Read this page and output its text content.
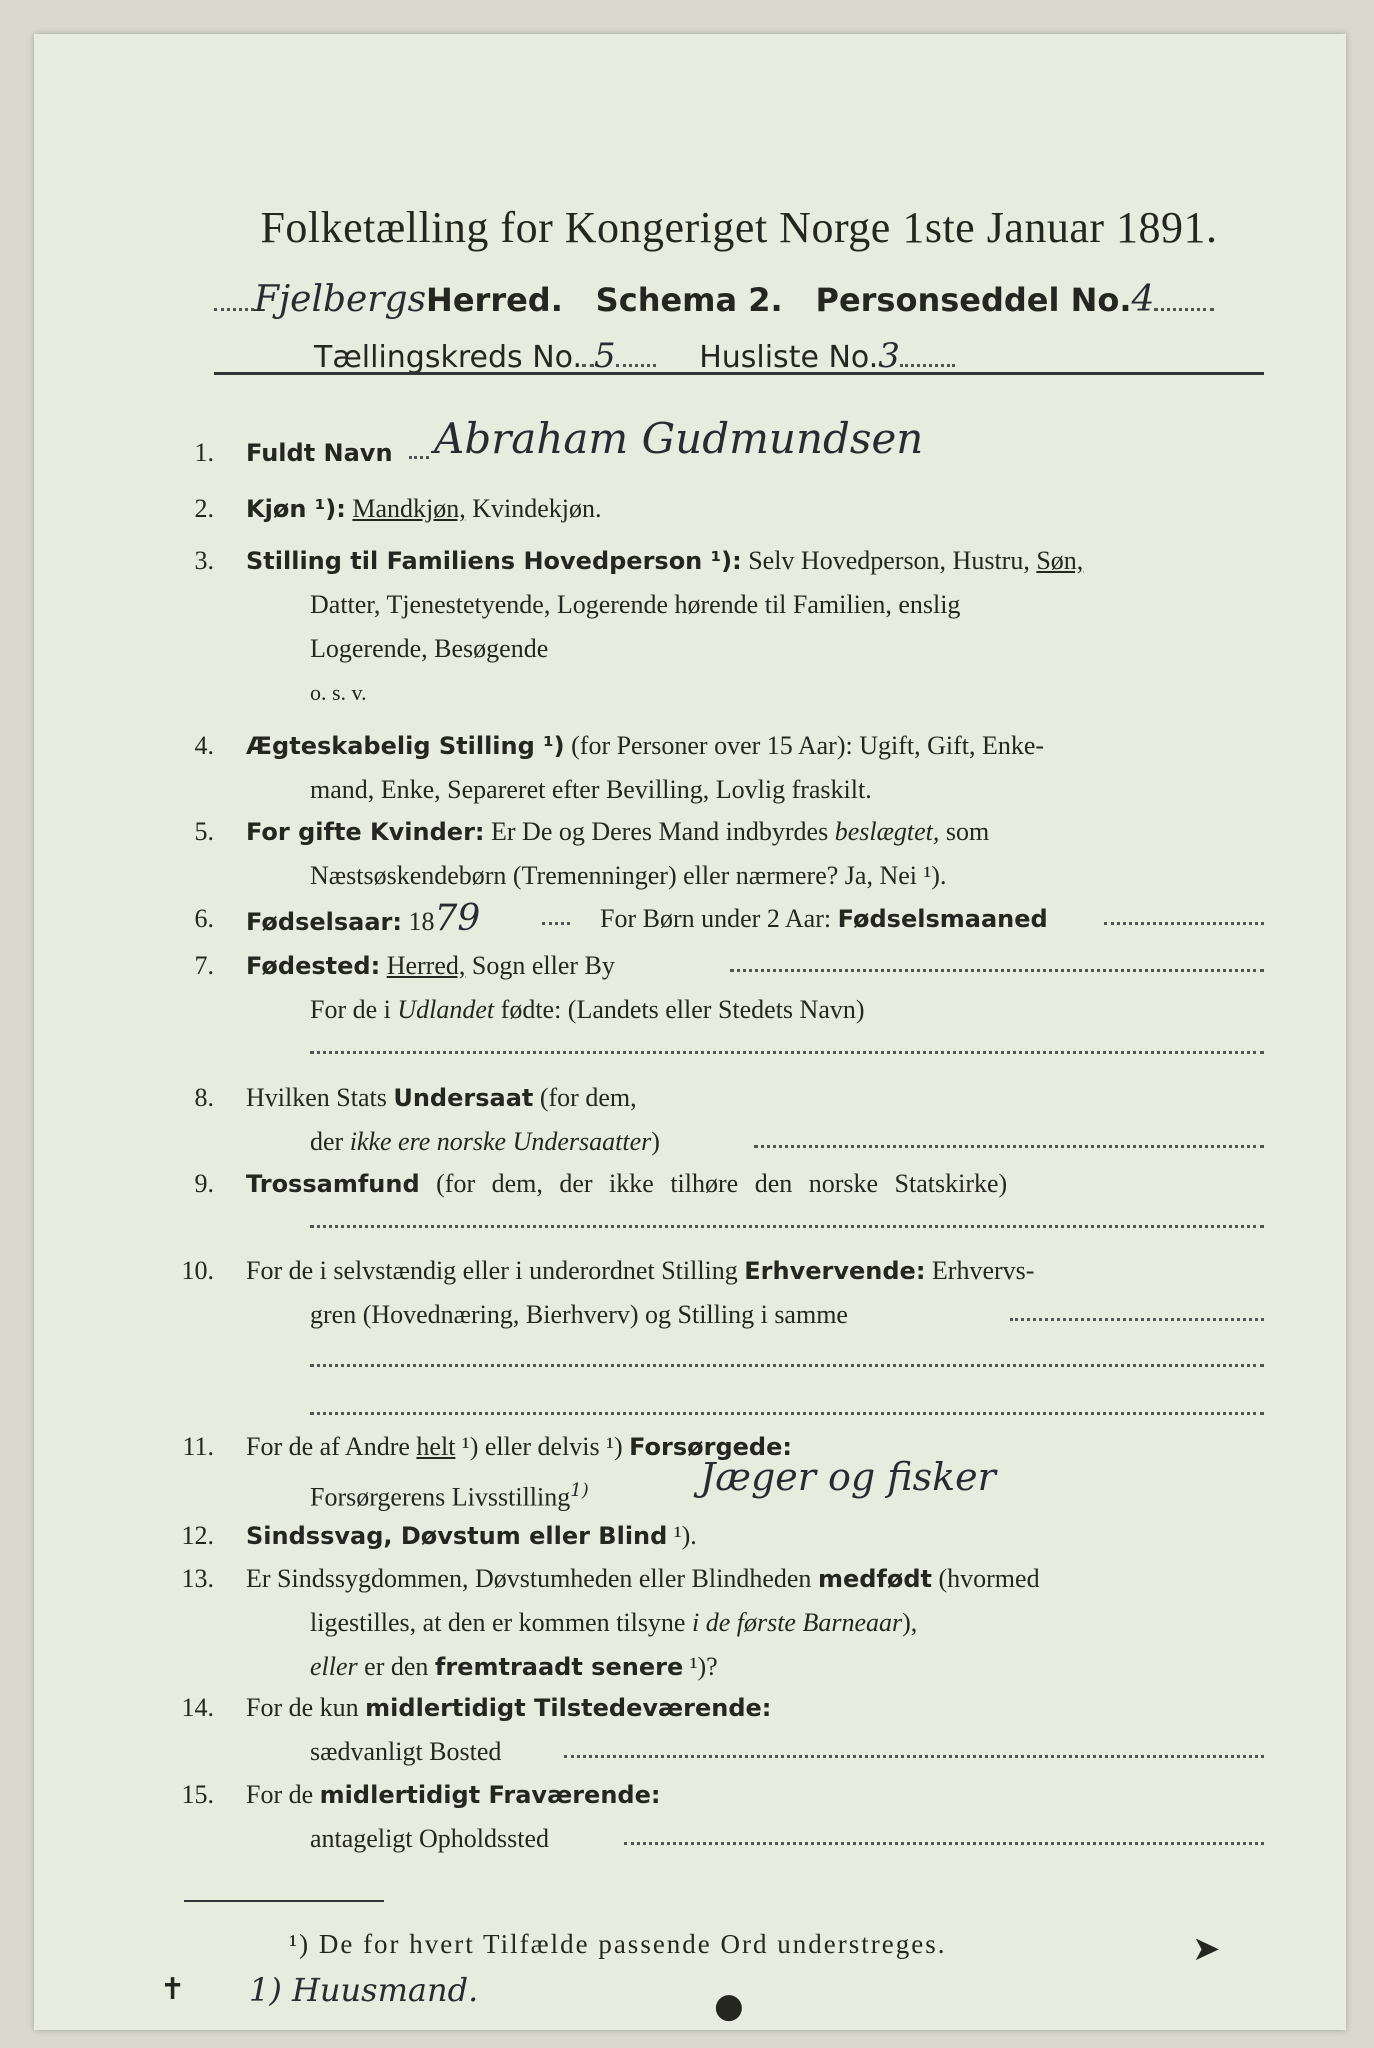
Folketælling for Kongeriget Norge 1ste Januar 1891.
FjelbergsHerred. Schema 2. Personseddel No.4
Tællingskreds No. 5	Husliste No.3
1. Fuldt Navn Abraham Gudmundsen
2. Kjøn ¹): Mandkjøn, Kvindekjøn.
3. Stilling til Familiens Hovedperson ¹): Selv Hovedperson, Hustru, Søn,
Datter, Tjenestetyende, Logerende hørende til Familien, enslig
Logerende, Besøgende
o. s. v.
4. Ægteskabelig Stilling ¹) (for Personer over 15 Aar): Ugift, Gift, Enke-
mand, Enke, Separeret efter Bevilling, Lovlig fraskilt.
5. For gifte Kvinder: Er De og Deres Mand indbyrdes beslægtet, som
Næstsøskendebørn (Tremenninger) eller nærmere? Ja, Nei ¹).
6. Fødselsaar: 1879	For Børn under 2 Aar: Fødselsmaaned
7. Fødested: Herred, Sogn eller By
For de i Udlandet fødte: (Landets eller Stedets Navn)
8. Hvilken Stats Undersaat (for dem,
der ikke ere norske Undersaatter)
9. Trossamfund (for dem, der ikke tilhøre den norske Statskirke)
10. For de i selvstændig eller i underordnet Stilling Erhvervende: Erhvervs-
gren (Hovednæring, Bierhverv) og Stilling i samme
11. For de af Andre helt ¹) eller delvis ¹) Forsørgede:
Forsørgerens Livsstilling$^{1)}$	Jæger og fisker
12. Sindssvag, Døvstum eller Blind ¹).
13. Er Sindssygdommen, Døvstumheden eller Blindheden medfødt (hvormed
ligestilles, at den er kommen tilsyne i de første Barneaar),
eller er den fremtraadt senere ¹)?
14. For de kun midlertidigt Tilstedeværende:
sædvanligt Bosted
15. For de midlertidigt Fraværende:
antageligt Opholdssted
¹) De for hvert Tilfælde passende Ord understreges.
1) Huusmand.
✝	●
➤
